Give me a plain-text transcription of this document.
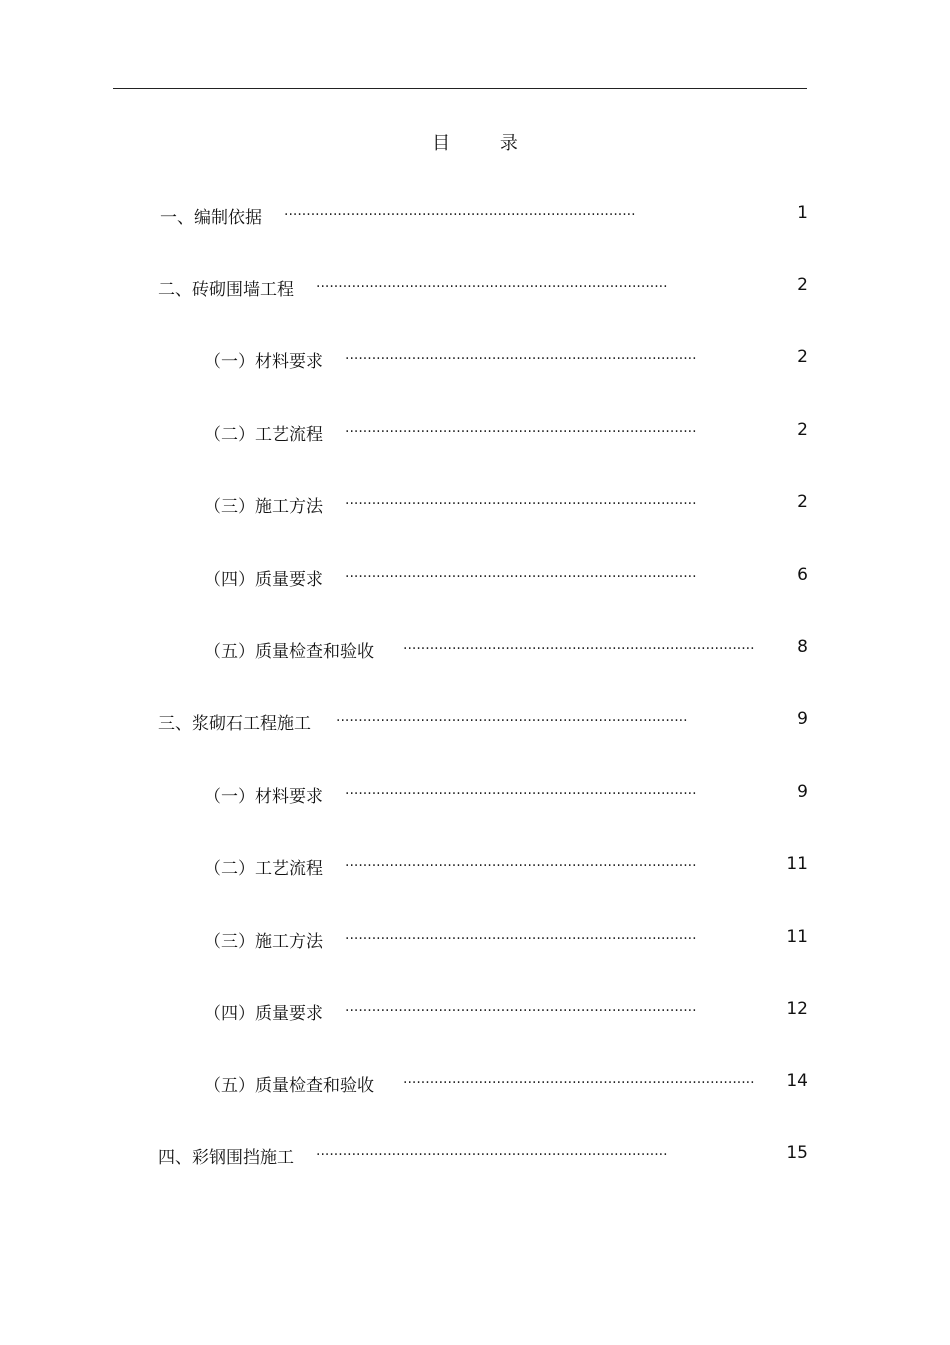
目 录
一、编制依据 ...............................................................................	1
二、砖砌围墙工程 ...............................................................................	2
（一）材料要求 ...............................................................................	2
（二）工艺流程 ...............................................................................	2
（三）施工方法 ...............................................................................	2
（四）质量要求 ...............................................................................	6
（五）质量检查和验收 ...............................................................................	8
三、浆砌石工程施工 ...............................................................................	9
（一）材料要求 ...............................................................................	9
（二）工艺流程 ...............................................................................	11
（三）施工方法 ...............................................................................	11
（四）质量要求 ...............................................................................	12
（五）质量检查和验收 ............................................................................... 14
四、彩钢围挡施工 ...............................................................................	15
